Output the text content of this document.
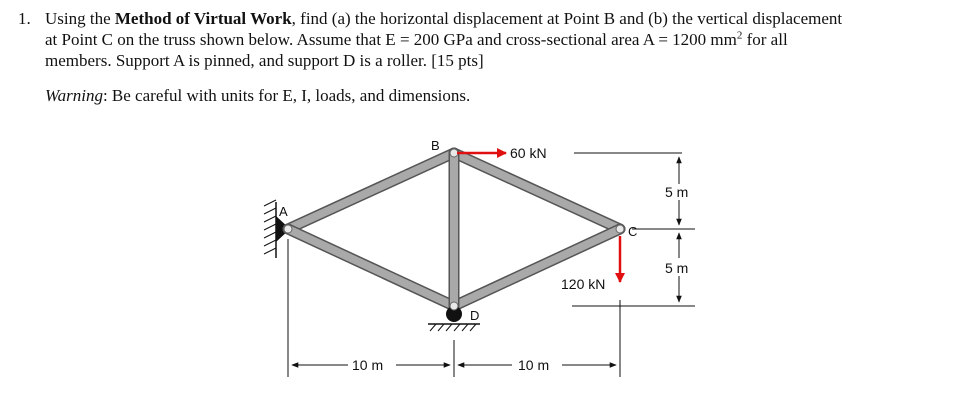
1. Using the Method of Virtual Work, find (a) the horizontal displacement at Point B and (b) the vertical displacement
at Point C on the truss shown below. Assume that E = 200 GPa and cross-sectional area A = 1200 $mm^2$ for all
members. Support A is pinned, and support D is a roller. [15 pts]
Warning: Be careful with units for E, I, loads, and dimensions.
A
B
C
D
60 kN
120 kN
5 m
5 m
10 m	10 m
